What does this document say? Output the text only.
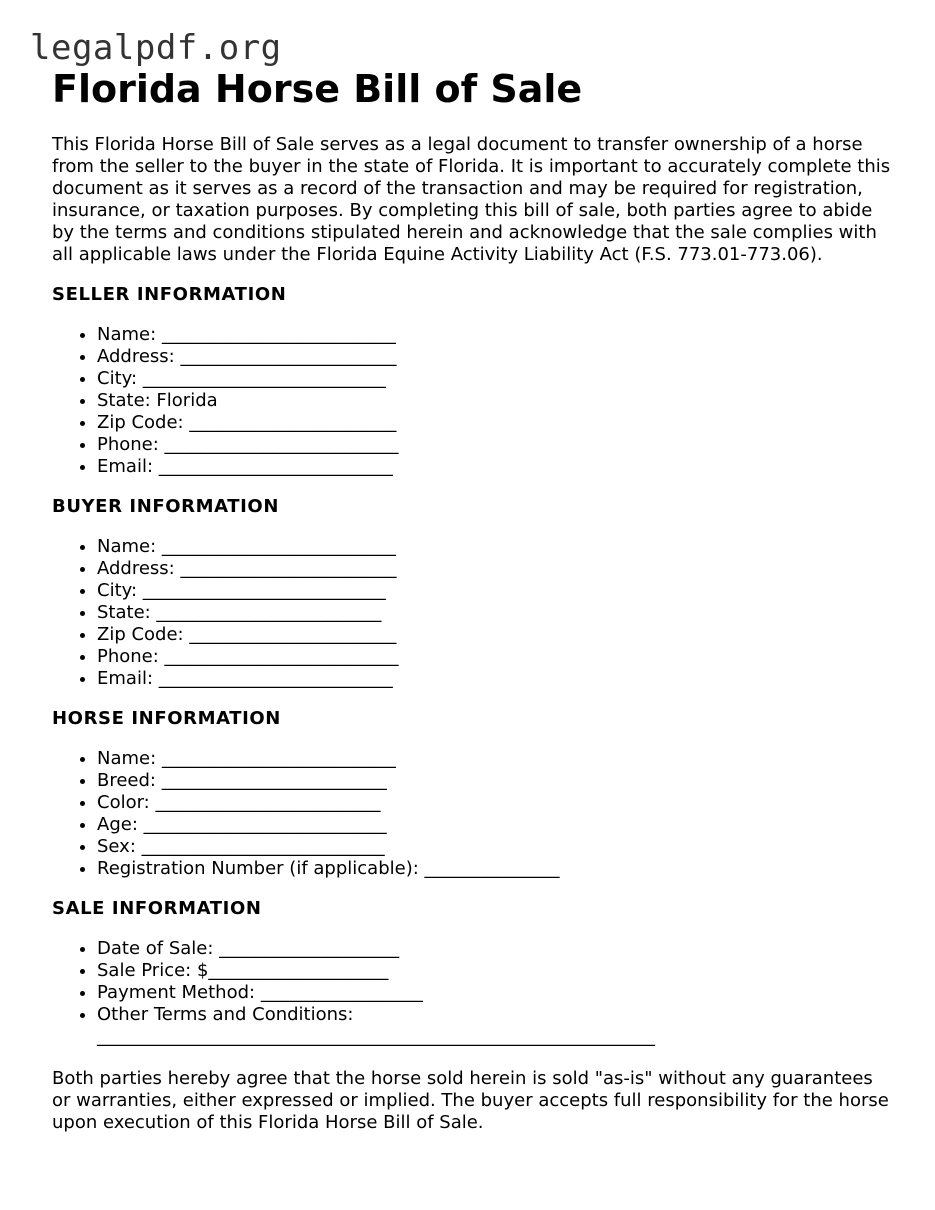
legalpdf.org
Florida Horse Bill of Sale

This Florida Horse Bill of Sale serves as a legal document to transfer ownership of a horse from the seller to the buyer in the state of Florida. It is important to accurately complete this document as it serves as a record of the transaction and may be required for registration, insurance, or taxation purposes. By completing this bill of sale, both parties agree to abide by the terms and conditions stipulated herein and acknowledge that the sale complies with all applicable laws under the Florida Equine Activity Liability Act (F.S. 773.01-773.06).

SELLER INFORMATION
• Name: __________________________
• Address: ________________________
• City: ___________________________
• State: Florida
• Zip Code: _______________________
• Phone: __________________________
• Email: __________________________
BUYER INFORMATION
• Name: __________________________
• Address: ________________________
• City: ___________________________
• State: _________________________
• Zip Code: _______________________
• Phone: __________________________
• Email: __________________________
HORSE INFORMATION
• Name: __________________________
• Breed: _________________________
• Color: _________________________
• Age: ___________________________
• Sex: ___________________________
• Registration Number (if applicable): _______________
SALE INFORMATION
• Date of Sale: ____________________
• Sale Price: $____________________
• Payment Method: __________________
• Other Terms and Conditions: ______________________________________________________________

Both parties hereby agree that the horse sold herein is sold "as-is" without any guarantees or warranties, either expressed or implied. The buyer accepts full responsibility for the horse upon execution of this Florida Horse Bill of Sale.
